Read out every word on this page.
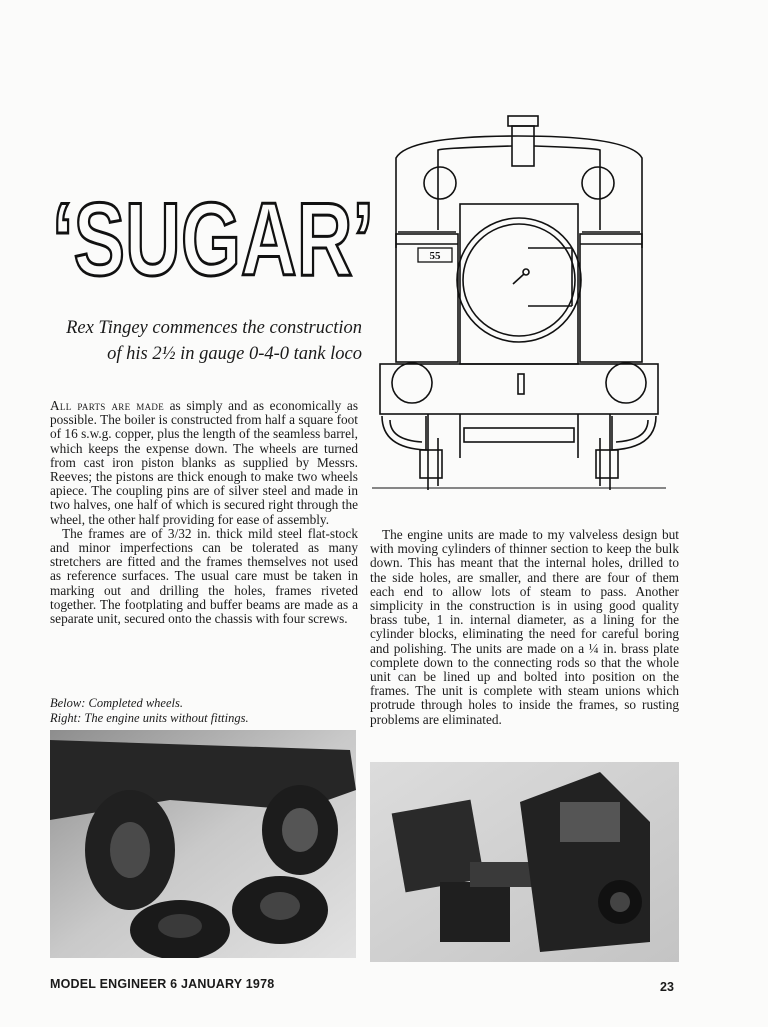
‘SUGAR’
Rex Tingey commences the construction
of his 2½ in gauge 0-4-0 tank loco
55

All parts are made as simply and as economically as possible. The boiler is constructed from half a square foot of 16 s.w.g. copper, plus the length of the seamless barrel, which keeps the expense down. The wheels are turned from cast iron piston blanks as supplied by Messrs. Reeves; the pistons are thick enough to make two wheels apiece. The coupling pins are of silver steel and made in two halves, one half of which is secured right through the wheel, the other half providing for ease of assembly.

The frames are of 3/32 in. thick mild steel flat-stock and minor imperfections can be tolerated as many stretchers are fitted and the frames themselves not used as reference surfaces. The usual care must be taken in marking out and drilling the holes, frames riveted together. The footplating and buffer beams are made as a separate unit, secured onto the chassis with four screws.

Below: Completed wheels.
Right: The engine units without fittings.

The engine units are made to my valveless design but with moving cylinders of thinner section to keep the bulk down. This has meant that the internal holes, drilled to the side holes, are smaller, and there are four of them each end to allow lots of steam to pass. Another simplicity in the construction is in using good quality brass tube, 1 in. internal diameter, as a lining for the cylinder blocks, eliminating the need for careful boring and polishing. The units are made on a ¼ in. brass plate complete down to the connecting rods so that the whole unit can be lined up and bolted into position on the frames. The unit is complete with steam unions which protrude through holes to inside the frames, so rusting problems are eliminated.

MODEL ENGINEER 6 JANUARY 1978	23
